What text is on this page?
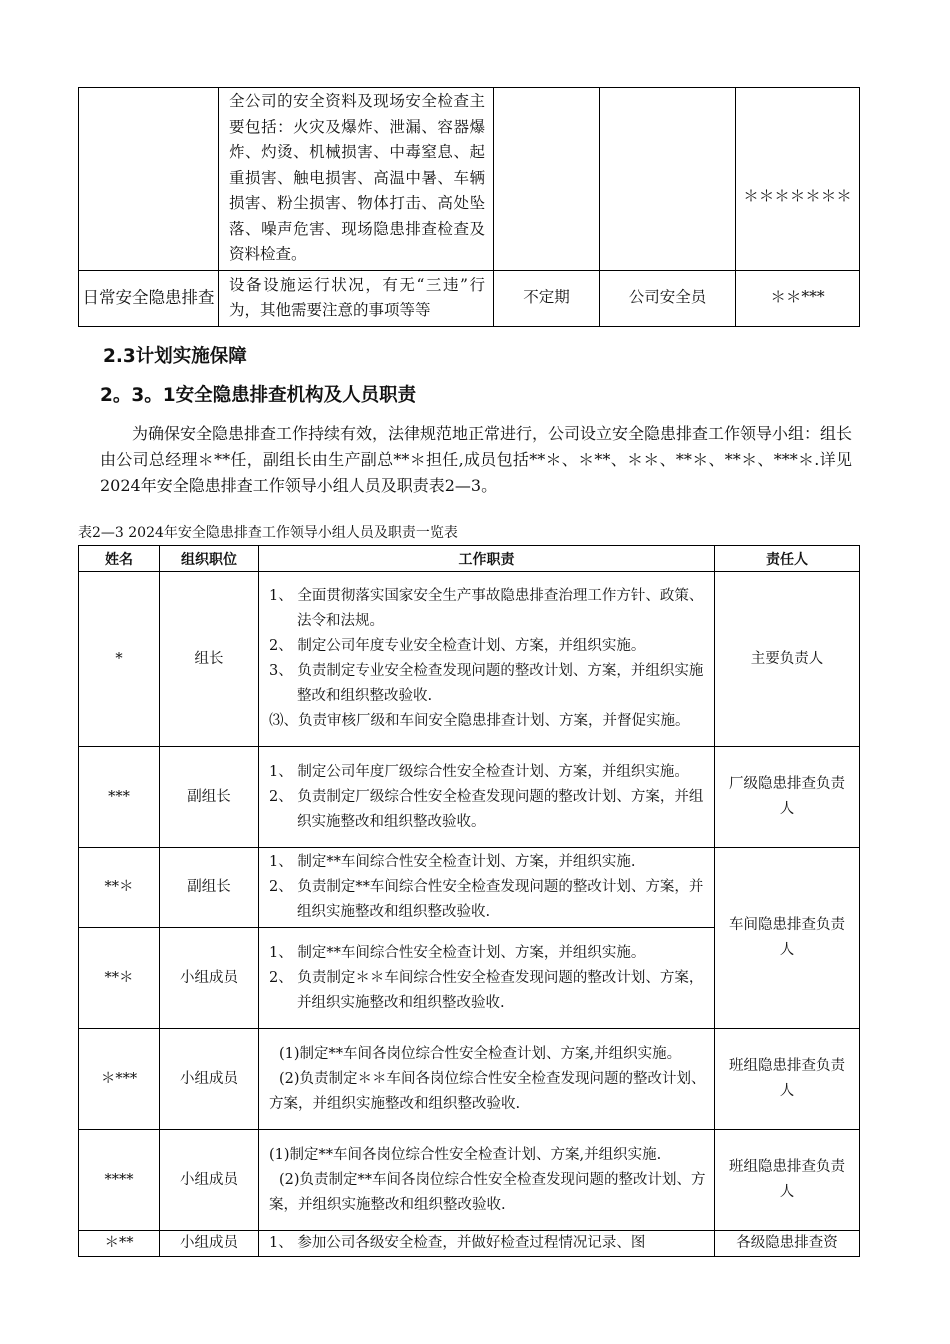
	全公司的安全资料及现场安全检查主要包括：火灾及爆炸、泄漏、容器爆炸、灼烫、机械损害、中毒窒息、起重损害、触电损害、高温中暑、车辆损害、粉尘损害、物体打击、高处坠落、噪声危害、现场隐患排查检查及资料检查。			＊＊＊＊＊＊＊
日常安全隐患排查	设备设施运行状况，有无“三违”行为，其他需要注意的事项等等	不定期	公司安全员	＊＊***
2.3计划实施保障
2。3。1安全隐患排查机构及人员职责
为确保安全隐患排查工作持续有效，法律规范地正常进行，公司设立安全隐患排查工作领导小组：组长由公司总经理＊**任，副组长由生产副总**＊担任,成员包括**＊、＊**、＊＊、**＊、**＊、***＊.详见2024年安全隐患排查工作领导小组人员及职责表2—3。
表2—3 2024年安全隐患排查工作领导小组人员及职责一览表
姓名	组织职位	工作职责	责任人
*	组长	1、 全面贯彻落实国家安全生产事故隐患排查治理工作方针、政策、法令和法规。
2、 制定公司年度专业安全检查计划、方案，并组织实施。
3、 负责制定专业安全检查发现问题的整改计划、方案，并组织实施整改和组织整改验收.
⑶、负责审核厂级和车间安全隐患排查计划、方案，并督促实施。	主要负责人
***	副组长	1、 制定公司年度厂级综合性安全检查计划、方案，并组织实施。
2、 负责制定厂级综合性安全检查发现问题的整改计划、方案，并组织实施整改和组织整改验收。	厂级隐患排查负责人
**＊	副组长	1、 制定**车间综合性安全检查计划、方案，并组织实施.
2、 负责制定**车间综合性安全检查发现问题的整改计划、方案，并组织实施整改和组织整改验收.	车间隐患排查负责人
**＊	小组成员	1、 制定**车间综合性安全检查计划、方案，并组织实施。
2、 负责制定＊＊车间综合性安全检查发现问题的整改计划、方案，并组织实施整改和组织整改验收.	

＊***	小组成员	(1)制定**车间各岗位综合性安全检查计划、方案,并组织实施。
(2)负责制定＊＊车间各岗位综合性安全检查发现问题的整改计划、方案，并组织实施整改和组织整改验收.	班组隐患排查负责人
****	小组成员	(1)制定**车间各岗位综合性安全检查计划、方案,并组织实施.
(2)负责制定**车间各岗位综合性安全检查发现问题的整改计划、方案，并组织实施整改和组织整改验收.	班组隐患排查负责人
＊**	小组成员	1、 参加公司各级安全检查，并做好检查过程情况记录、图	各级隐患排查资
